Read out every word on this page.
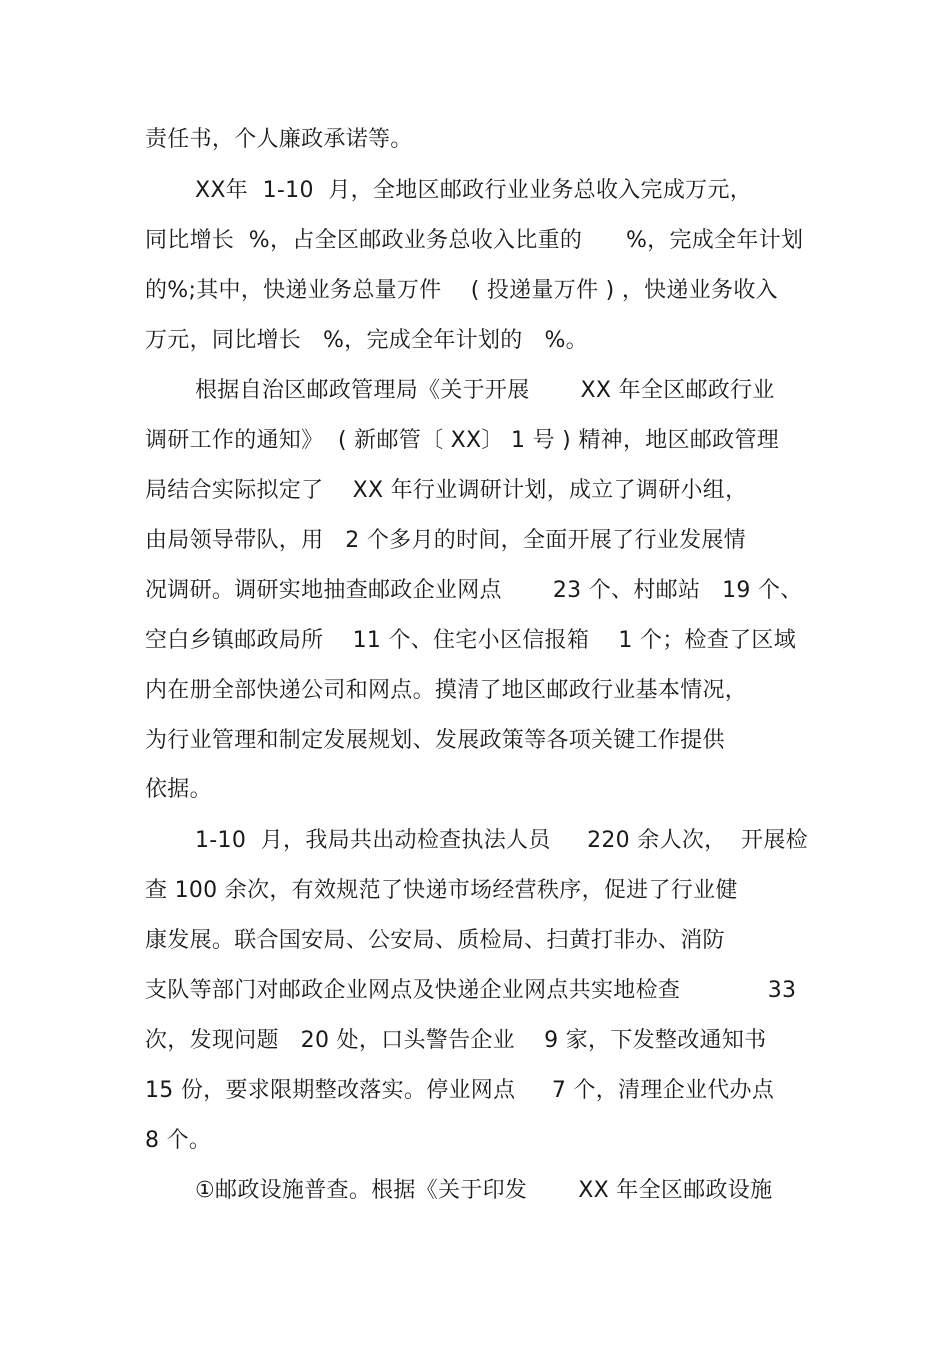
责任书，个人廉政承诺等。
XX年  1-10  月，全地区邮政行业业务总收入完成万元，
同比增长  %，占全区邮政业务总收入比重的      %，完成全年计划
的%;其中，快递业务总量万件    ( 投递量万件 ) ，快递业务收入
万元，同比增长   %，完成全年计划的   %。
根据自治区邮政管理局《关于开展       XX 年全区邮政行业
调研工作的通知》  ( 新邮管〔 XX〕 1 号 ) 精神，地区邮政管理
局结合实际拟定了    XX 年行业调研计划，成立了调研小组，
由局领导带队，用   2 个多月的时间，全面开展了行业发展情
况调研。调研实地抽查邮政企业网点       23 个、村邮站   19 个、
空白乡镇邮政局所    11 个、住宅小区信报箱    1 个；检查了区域
内在册全部快递公司和网点。摸清了地区邮政行业基本情况，
为行业管理和制定发展规划、发展政策等各项关键工作提供
依据。
1-10  月，我局共出动检查执法人员     220 余人次，  开展检
查 100 余次，有效规范了快递市场经营秩序，促进了行业健
康发展。联合国安局、公安局、质检局、扫黄打非办、消防
支队等部门对邮政企业网点及快递企业网点共实地检查            33
次，发现问题   20 处，口头警告企业    9 家，下发整改通知书
15 份，要求限期整改落实。停业网点     7 个，清理企业代办点
8 个。
①邮政设施普查。根据《关于印发       XX 年全区邮政设施
